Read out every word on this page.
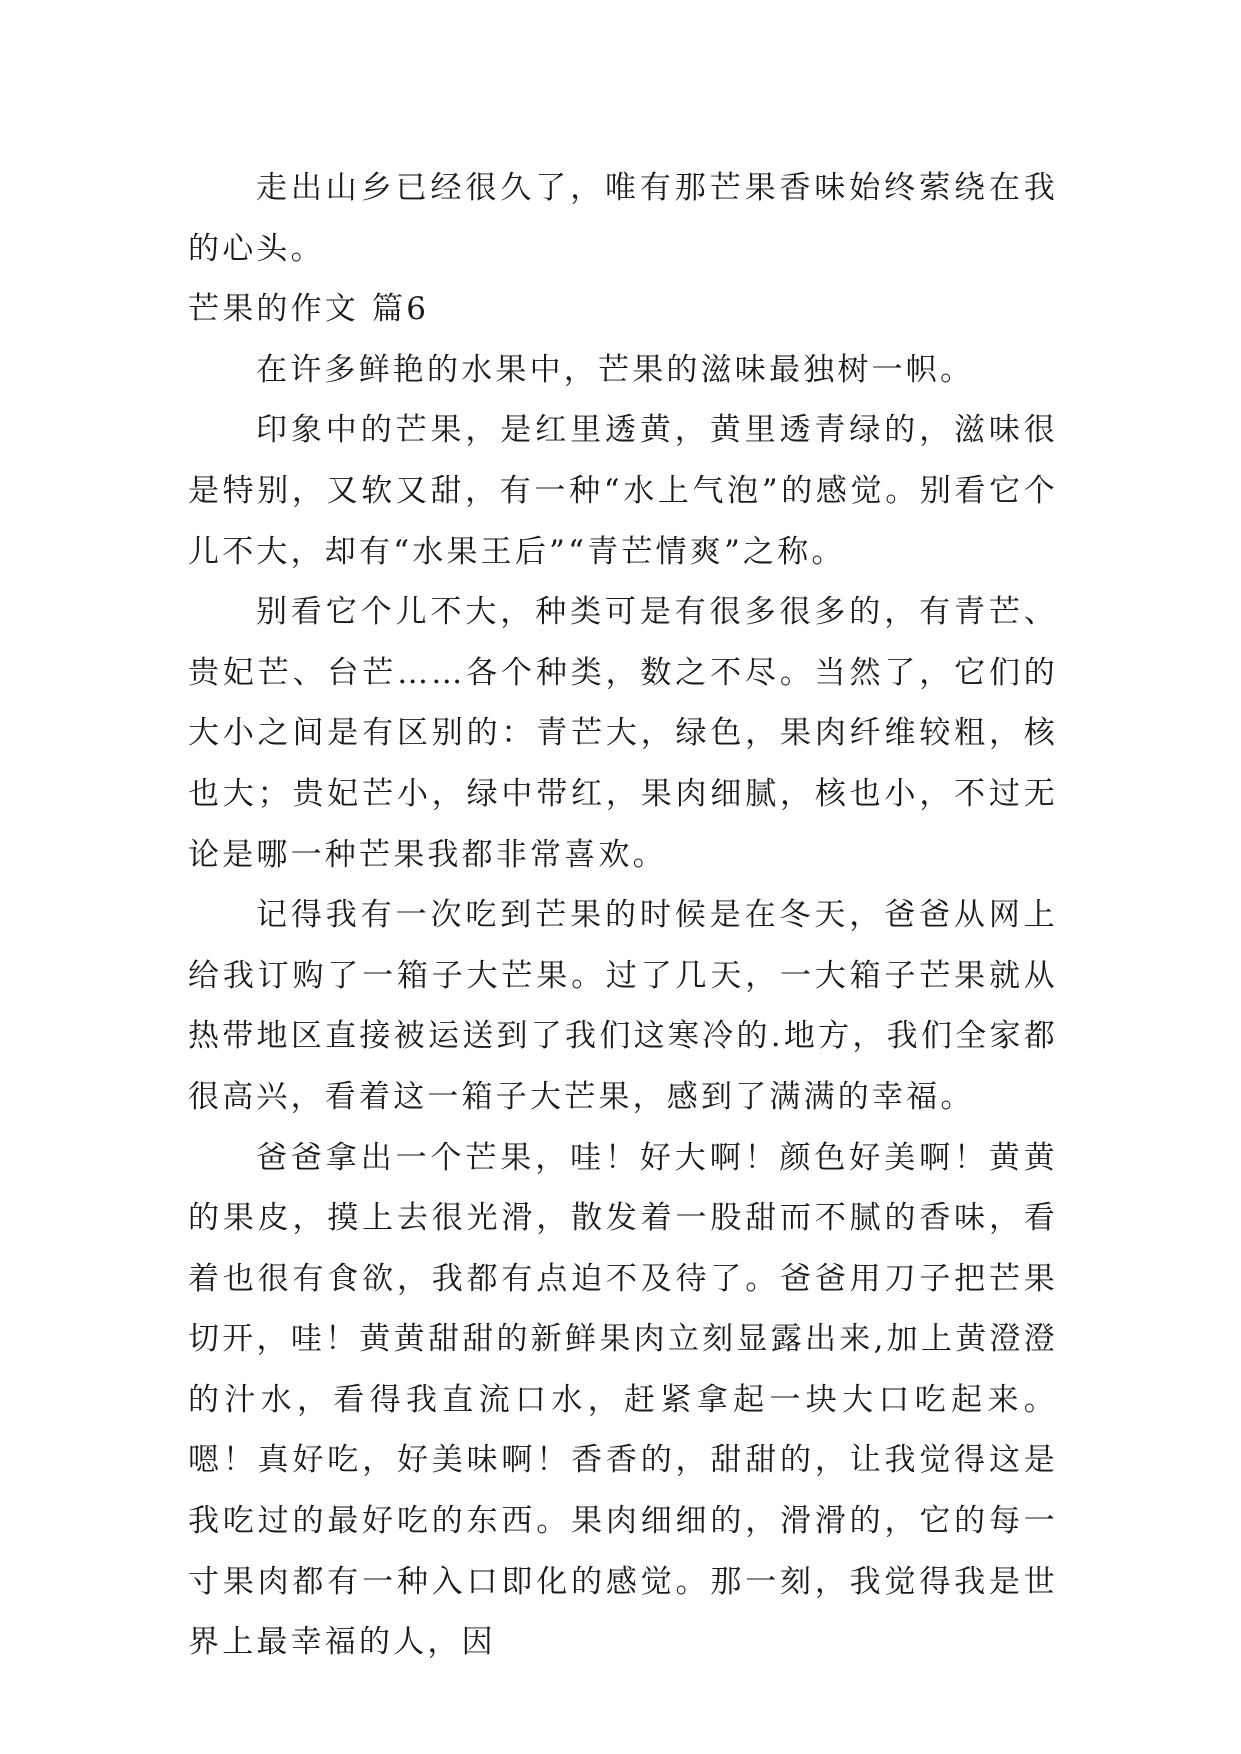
走出山乡已经很久了，唯有那芒果香味始终萦绕在我的心头。

芒果的作文 篇6

在许多鲜艳的水果中，芒果的滋味最独树一帜。

印象中的芒果，是红里透黄，黄里透青绿的，滋味很是特别，又软又甜，有一种“水上气泡”的感觉。别看它个儿不大，却有“水果王后”“青芒情爽”之称。

别看它个儿不大，种类可是有很多很多的，有青芒、贵妃芒、台芒……各个种类，数之不尽。当然了，它们的大小之间是有区别的：青芒大，绿色，果肉纤维较粗，核也大；贵妃芒小，绿中带红，果肉细腻，核也小，不过无论是哪一种芒果我都非常喜欢。

记得我有一次吃到芒果的时候是在冬天，爸爸从网上给我订购了一箱子大芒果。过了几天，一大箱子芒果就从热带地区直接被运送到了我们这寒冷的.地方，我们全家都很高兴，看着这一箱子大芒果，感到了满满的幸福。

爸爸拿出一个芒果，哇！好大啊！颜色好美啊！黄黄的果皮，摸上去很光滑，散发着一股甜而不腻的香味，看着也很有食欲，我都有点迫不及待了。爸爸用刀子把芒果切开，哇！黄黄甜甜的新鲜果肉立刻显露出来,加上黄澄澄的汁水，看得我直流口水，赶紧拿起一块大口吃起来。嗯！真好吃，好美味啊！香香的，甜甜的，让我觉得这是我吃过的最好吃的东西。果肉细细的，滑滑的，它的每一寸果肉都有一种入口即化的感觉。那一刻，我觉得我是世界上最幸福的人，因
